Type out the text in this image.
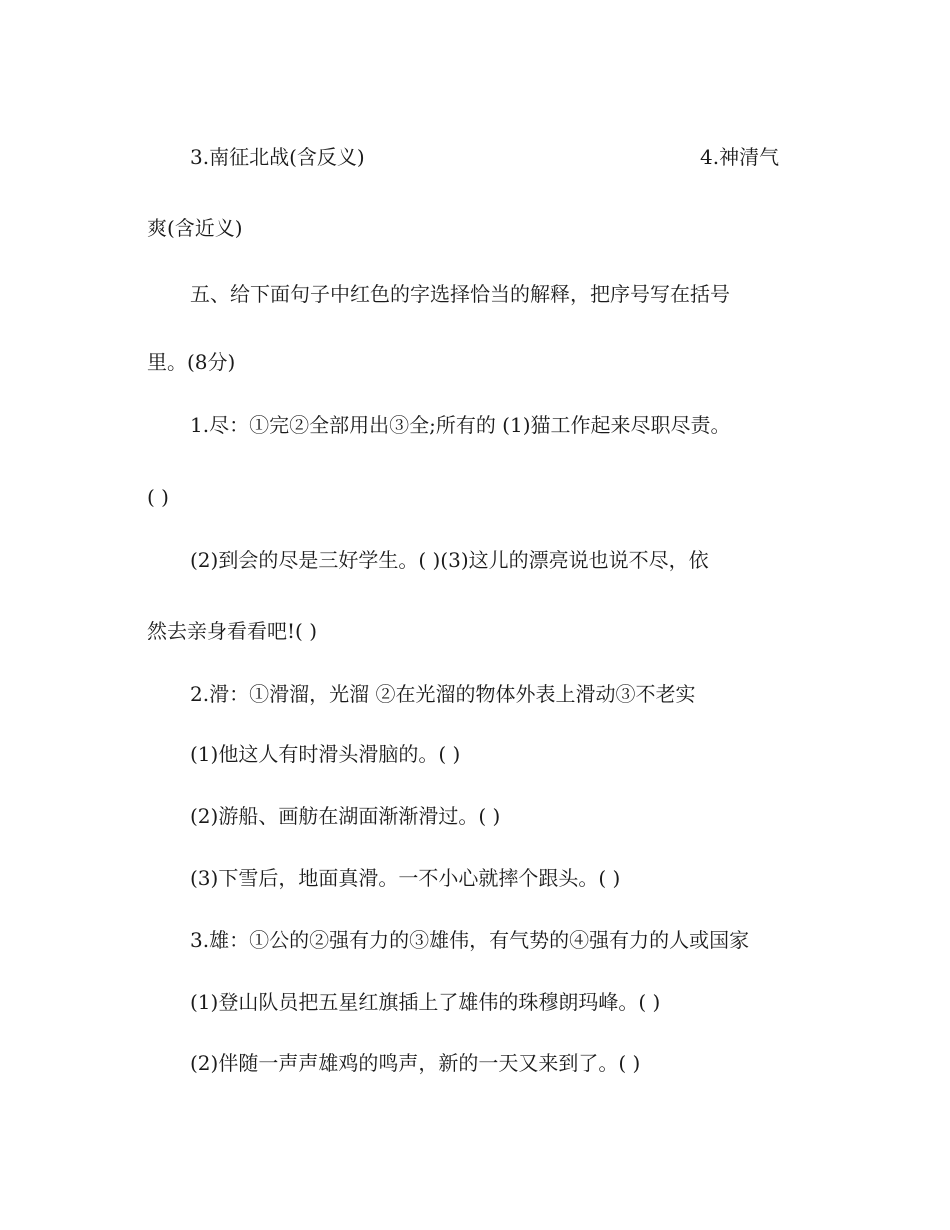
3.南征北战(含反义)	4.神清气
爽(含近义)
五、给下面句子中红色的字选择恰当的解释，把序号写在括号
里。(8分)
1.尽：①完②全部用出③全;所有的 (1)猫工作起来尽职尽责。
( )
(2)到会的尽是三好学生。( )(3)这儿的漂亮说也说不尽，依
然去亲身看看吧!( )
2.滑：①滑溜，光溜 ②在光溜的物体外表上滑动③不老实
(1)他这人有时滑头滑脑的。( )
(2)游船、画舫在湖面渐渐滑过。( )
(3)下雪后，地面真滑。一不小心就摔个跟头。( )
3.雄：①公的②强有力的③雄伟，有气势的④强有力的人或国家
(1)登山队员把五星红旗插上了雄伟的珠穆朗玛峰。( )
(2)伴随一声声雄鸡的鸣声，新的一天又来到了。( )
